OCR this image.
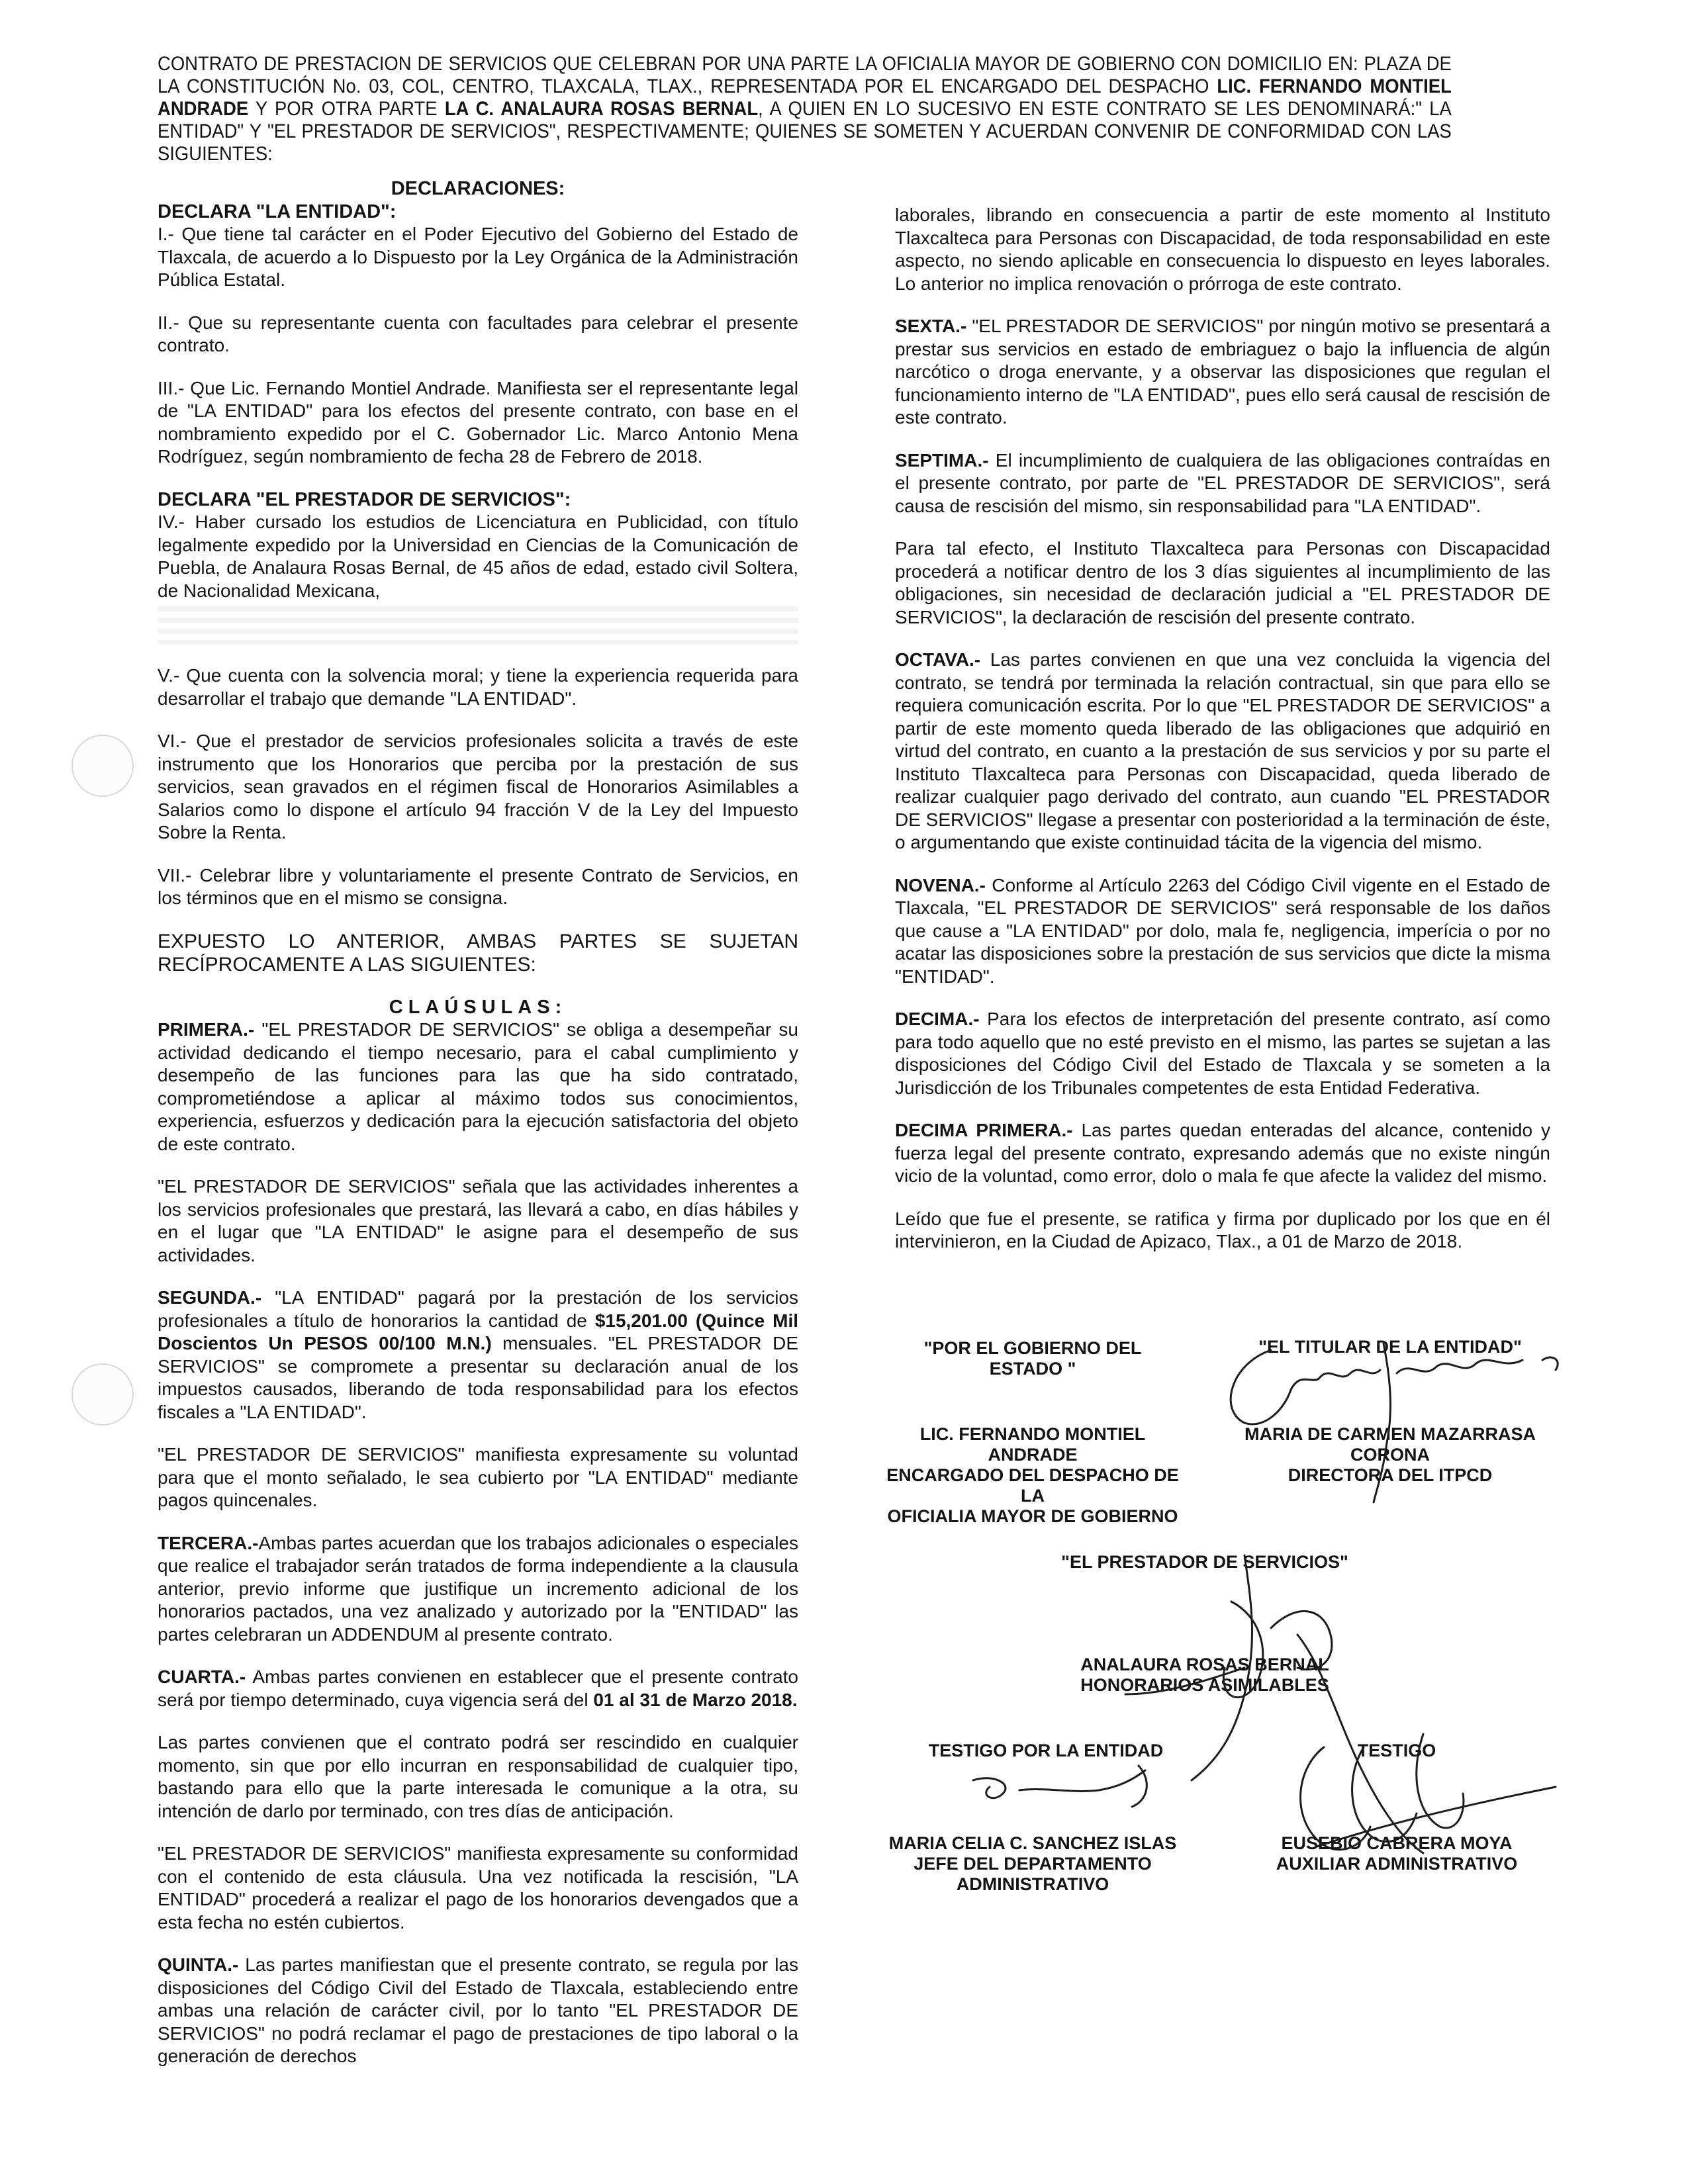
CONTRATO DE PRESTACION DE SERVICIOS QUE CELEBRAN POR UNA PARTE LA OFICIALIA MAYOR DE GOBIERNO CON DOMICILIO EN: PLAZA DE LA CONSTITUCIÓN No. 03, COL, CENTRO, TLAXCALA, TLAX., REPRESENTADA POR EL ENCARGADO DEL DESPACHO LIC. FERNANDO MONTIEL ANDRADE Y POR OTRA PARTE LA C. ANALAURA ROSAS BERNAL, A QUIEN EN LO SUCESIVO EN ESTE CONTRATO SE LES DENOMINARÁ:" LA ENTIDAD" Y "EL PRESTADOR DE SERVICIOS", RESPECTIVAMENTE; QUIENES SE SOMETEN Y ACUERDAN CONVENIR DE CONFORMIDAD CON LAS SIGUIENTES:
DECLARACIONES:
DECLARA "LA ENTIDAD":

I.- Que tiene tal carácter en el Poder Ejecutivo del Gobierno del Estado de Tlaxcala, de acuerdo a lo Dispuesto por la Ley Orgánica de la Administración Pública Estatal.

II.- Que su representante cuenta con facultades para celebrar el presente contrato.

III.- Que Lic. Fernando Montiel Andrade. Manifiesta ser el representante legal de "LA ENTIDAD" para los efectos del presente contrato, con base en el nombramiento expedido por el C. Gobernador Lic. Marco Antonio Mena Rodríguez, según nombramiento de fecha 28 de Febrero de 2018.

DECLARA "EL PRESTADOR DE SERVICIOS":

IV.- Haber cursado los estudios de Licenciatura en Publicidad, con título legalmente expedido por la Universidad en Ciencias de la Comunicación de Puebla, de Analaura Rosas Bernal, de 45 años de edad, estado civil Soltera, de Nacionalidad Mexicana,

V.- Que cuenta con la solvencia moral; y tiene la experiencia requerida para desarrollar el trabajo que demande "LA ENTIDAD".

VI.- Que el prestador de servicios profesionales solicita a través de este instrumento que los Honorarios que perciba por la prestación de sus servicios, sean gravados en el régimen fiscal de Honorarios Asimilables a Salarios como lo dispone el artículo 94 fracción V de la Ley del Impuesto Sobre la Renta.

VII.- Celebrar libre y voluntariamente el presente Contrato de Servicios, en los términos que en el mismo se consigna.

EXPUESTO LO ANTERIOR, AMBAS PARTES SE SUJETAN RECÍPROCAMENTE A LAS SIGUIENTES:

CLAÚSULAS:

PRIMERA.- "EL PRESTADOR DE SERVICIOS" se obliga a desempeñar su actividad dedicando el tiempo necesario, para el cabal cumplimiento y desempeño de las funciones para las que ha sido contratado, comprometiéndose a aplicar al máximo todos sus conocimientos, experiencia, esfuerzos y dedicación para la ejecución satisfactoria del objeto de este contrato.

"EL PRESTADOR DE SERVICIOS" señala que las actividades inherentes a los servicios profesionales que prestará, las llevará a cabo, en días hábiles y en el lugar que "LA ENTIDAD" le asigne para el desempeño de sus actividades.

SEGUNDA.- "LA ENTIDAD" pagará por la prestación de los servicios profesionales a título de honorarios la cantidad de $15,201.00 (Quince Mil Doscientos Un PESOS 00/100 M.N.) mensuales. "EL PRESTADOR DE SERVICIOS" se compromete a presentar su declaración anual de los impuestos causados, liberando de toda responsabilidad para los efectos fiscales a "LA ENTIDAD".

"EL PRESTADOR DE SERVICIOS" manifiesta expresamente su voluntad para que el monto señalado, le sea cubierto por "LA ENTIDAD" mediante pagos quincenales.

TERCERA.-Ambas partes acuerdan que los trabajos adicionales o especiales que realice el trabajador serán tratados de forma independiente a la clausula anterior, previo informe que justifique un incremento adicional de los honorarios pactados, una vez analizado y autorizado por la "ENTIDAD" las partes celebraran un ADDENDUM al presente contrato.

CUARTA.- Ambas partes convienen en establecer que el presente contrato será por tiempo determinado, cuya vigencia será del 01 al 31 de Marzo 2018.

Las partes convienen que el contrato podrá ser rescindido en cualquier momento, sin que por ello incurran en responsabilidad de cualquier tipo, bastando para ello que la parte interesada le comunique a la otra, su intención de darlo por terminado, con tres días de anticipación.

"EL PRESTADOR DE SERVICIOS" manifiesta expresamente su conformidad con el contenido de esta cláusula. Una vez notificada la rescisión, "LA ENTIDAD" procederá a realizar el pago de los honorarios devengados que a esta fecha no estén cubiertos.

QUINTA.- Las partes manifiestan que el presente contrato, se regula por las disposiciones del Código Civil del Estado de Tlaxcala, estableciendo entre ambas una relación de carácter civil, por lo tanto "EL PRESTADOR DE SERVICIOS" no podrá reclamar el pago de prestaciones de tipo laboral o la generación de derechos

laborales, librando en consecuencia a partir de este momento al Instituto Tlaxcalteca para Personas con Discapacidad, de toda responsabilidad en este aspecto, no siendo aplicable en consecuencia lo dispuesto en leyes laborales. Lo anterior no implica renovación o prórroga de este contrato.

SEXTA.- "EL PRESTADOR DE SERVICIOS" por ningún motivo se presentará a prestar sus servicios en estado de embriaguez o bajo la influencia de algún narcótico o droga enervante, y a observar las disposiciones que regulan el funcionamiento interno de "LA ENTIDAD", pues ello será causal de rescisión de este contrato.

SEPTIMA.- El incumplimiento de cualquiera de las obligaciones contraídas en el presente contrato, por parte de "EL PRESTADOR DE SERVICIOS", será causa de rescisión del mismo, sin responsabilidad para "LA ENTIDAD".

Para tal efecto, el Instituto Tlaxcalteca para Personas con Discapacidad procederá a notificar dentro de los 3 días siguientes al incumplimiento de las obligaciones, sin necesidad de declaración judicial a "EL PRESTADOR DE SERVICIOS", la declaración de rescisión del presente contrato.

OCTAVA.- Las partes convienen en que una vez concluida la vigencia del contrato, se tendrá por terminada la relación contractual, sin que para ello se requiera comunicación escrita. Por lo que "EL PRESTADOR DE SERVICIOS" a partir de este momento queda liberado de las obligaciones que adquirió en virtud del contrato, en cuanto a la prestación de sus servicios y por su parte el Instituto Tlaxcalteca para Personas con Discapacidad, queda liberado de realizar cualquier pago derivado del contrato, aun cuando "EL PRESTADOR DE SERVICIOS" llegase a presentar con posterioridad a la terminación de éste, o argumentando que existe continuidad tácita de la vigencia del mismo.

NOVENA.- Conforme al Artículo 2263 del Código Civil vigente en el Estado de Tlaxcala, "EL PRESTADOR DE SERVICIOS" será responsable de los daños que cause a "LA ENTIDAD" por dolo, mala fe, negligencia, imperícia o por no acatar las disposiciones sobre la prestación de sus servicios que dicte la misma "ENTIDAD".

DECIMA.- Para los efectos de interpretación del presente contrato, así como para todo aquello que no esté previsto en el mismo, las partes se sujetan a las disposiciones del Código Civil del Estado de Tlaxcala y se someten a la Jurisdicción de los Tribunales competentes de esta Entidad Federativa.

DECIMA PRIMERA.- Las partes quedan enteradas del alcance, contenido y fuerza legal del presente contrato, expresando además que no existe ningún vicio de la voluntad, como error, dolo o mala fe que afecte la validez del mismo.

Leído que fue el presente, se ratifica y firma por duplicado por los que en él intervinieron, en la Ciudad de Apizaco, Tlax., a 01 de Marzo de 2018.

"POR EL GOBIERNO DEL ESTADO "
LIC. FERNANDO MONTIEL ANDRADE
ENCARGADO DEL DESPACHO DE LA
OFICIALIA MAYOR DE GOBIERNO
"EL TITULAR DE LA ENTIDAD"
MARIA DE CARMEN MAZARRASA
CORONA
DIRECTORA DEL ITPCD
"EL PRESTADOR DE SERVICIOS"
ANALAURA ROSAS BERNAL
HONORARIOS ASIMILABLES
TESTIGO POR LA ENTIDAD
MARIA CELIA C. SANCHEZ ISLAS
JEFE DEL DEPARTAMENTO
ADMINISTRATIVO
TESTIGO
EUSEBIO CABRERA MOYA
AUXILIAR ADMINISTRATIVO
